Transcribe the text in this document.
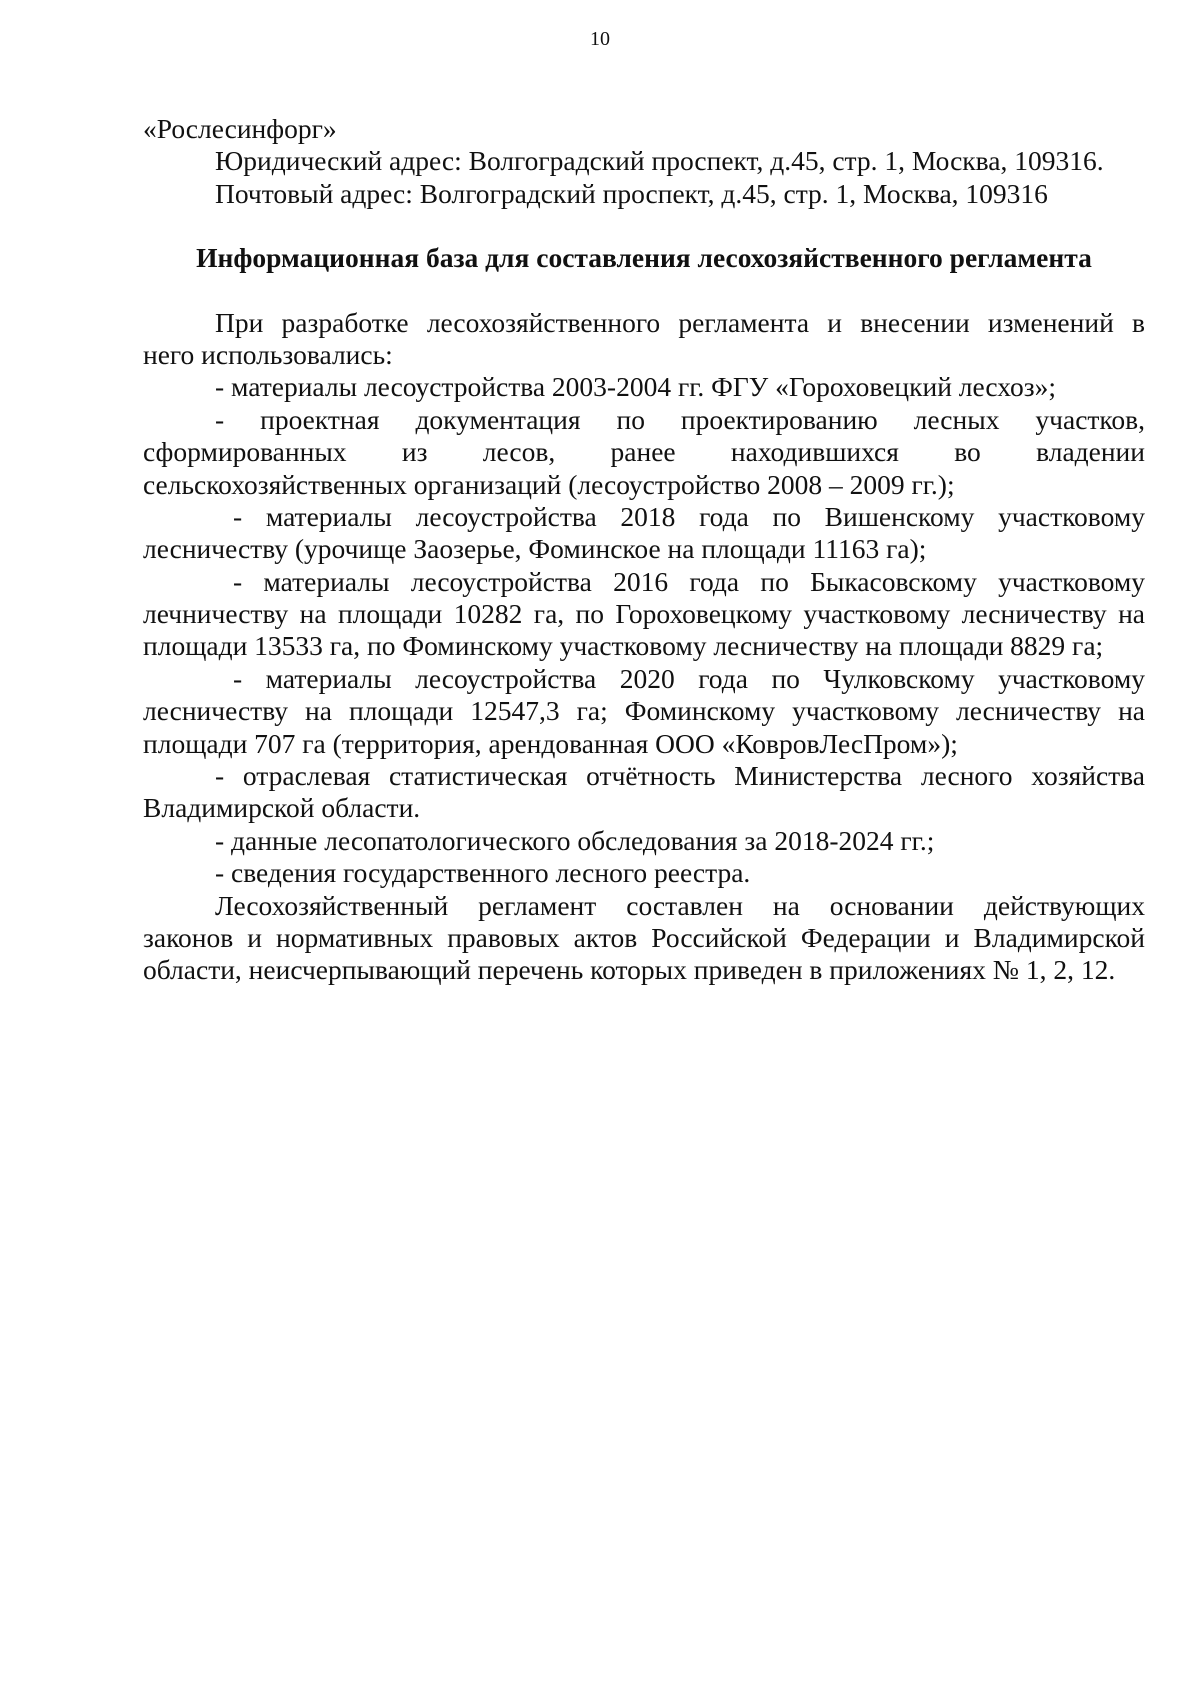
10
«Рослесинфорг»
Юридический адрес: Волгоградский проспект, д.45, стр. 1, Москва, 109316.
Почтовый адрес: Волгоградский проспект, д.45, стр. 1, Москва, 109316
Информационная база для составления лесохозяйственного регламента
При разработке лесохозяйственного регламента и внесении изменений в
него использовались:
- материалы лесоустройства 2003-2004 гг. ФГУ «Гороховецкий лесхоз»;
- проектная документация по проектированию лесных участков,
сформированных из лесов, ранее находившихся во владении
сельскохозяйственных организаций (лесоустройство 2008 – 2009 гг.);
- материалы лесоустройства 2018 года по Вишенскому участковому
лесничеству (урочище Заозерье, Фоминское на площади 11163 га);
- материалы лесоустройства 2016 года по Быкасовскому участковому
лечничеству на площади 10282 га, по Гороховецкому участковому лесничеству на
площади 13533 га, по Фоминскому участковому лесничеству на площади 8829 га;
- материалы лесоустройства 2020 года по Чулковскому участковому
лесничеству на площади 12547,3 га; Фоминскому участковому лесничеству на
площади 707 га (территория, арендованная ООО «КовровЛесПром»);
- отраслевая статистическая отчётность Министерства лесного хозяйства
Владимирской области.
- данные лесопатологического обследования за 2018-2024 гг.;
- сведения государственного лесного реестра.
Лесохозяйственный регламент составлен на основании действующих
законов и нормативных правовых актов Российской Федерации и Владимирской
области, неисчерпывающий перечень которых приведен в приложениях № 1, 2, 12.
